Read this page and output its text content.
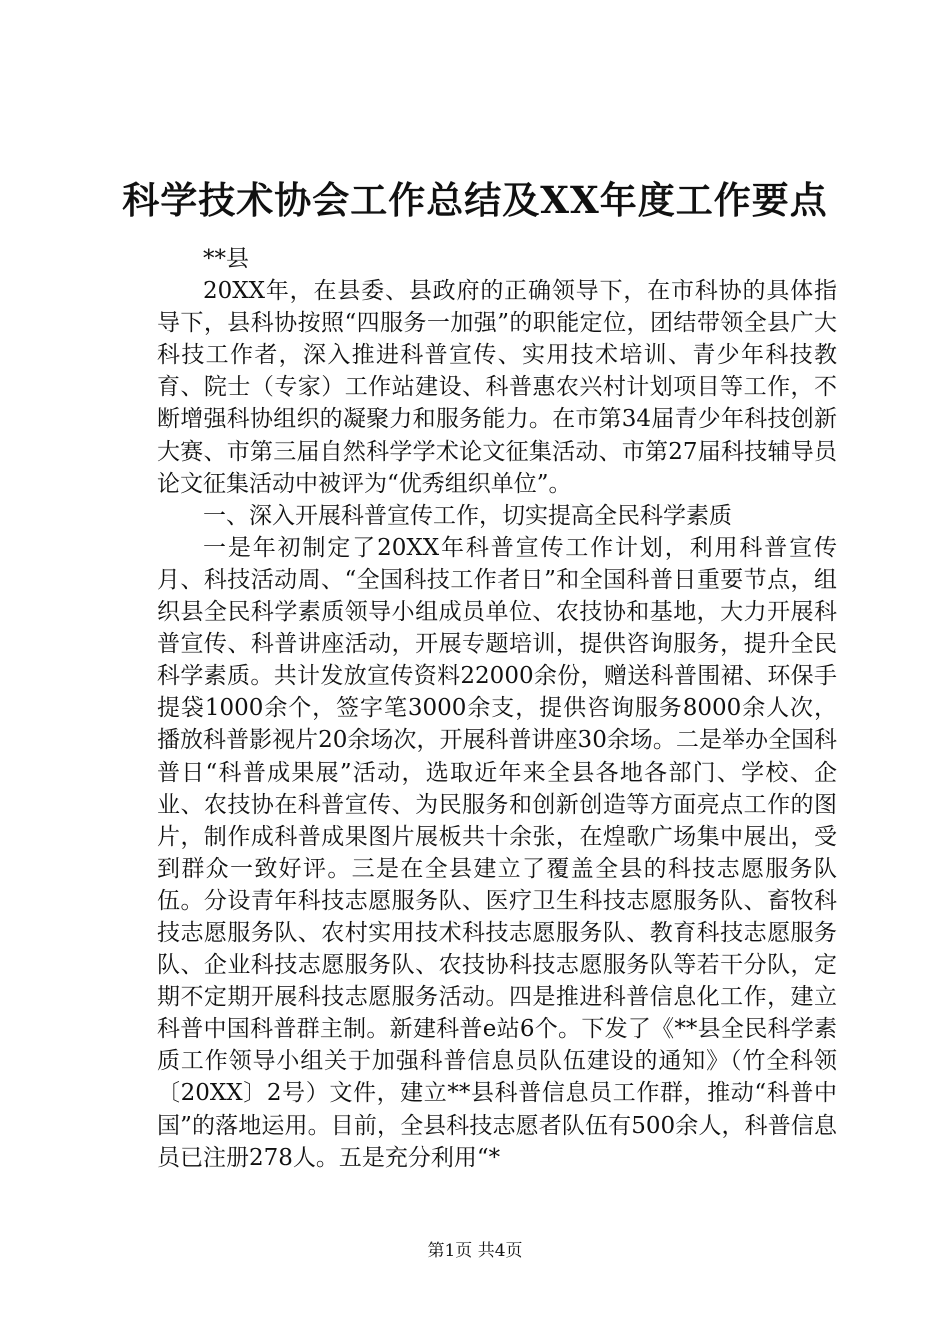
科学技术协会工作总结及XX年度工作要点

**县

20XX年，在县委、县政府的正确领导下，在市科协的具体指导下，县科协按照“四服务一加强”的职能定位，团结带领全县广大科技工作者，深入推进科普宣传、实用技术培训、青少年科技教育、院士（专家）工作站建设、科普惠农兴村计划项目等工作，不断增强科协组织的凝聚力和服务能力。在市第34届青少年科技创新大赛、市第三届自然科学学术论文征集活动、市第27届科技辅导员论文征集活动中被评为“优秀组织单位”。

一、深入开展科普宣传工作，切实提高全民科学素质

一是年初制定了20XX年科普宣传工作计划，利用科普宣传月、科技活动周、“全国科技工作者日”和全国科普日重要节点，组织县全民科学素质领导小组成员单位、农技协和基地，大力开展科普宣传、科普讲座活动，开展专题培训，提供咨询服务，提升全民科学素质。共计发放宣传资料22000余份，赠送科普围裙、环保手提袋1000余个，签字笔3000余支，提供咨询服务8000余人次，播放科普影视片20余场次，开展科普讲座30余场。二是举办全国科普日“科普成果展”活动，选取近年来全县各地各部门、学校、企业、农技协在科普宣传、为民服务和创新创造等方面亮点工作的图片，制作成科普成果图片展板共十余张，在煌歌广场集中展出，受到群众一致好评。三是在全县建立了覆盖全县的科技志愿服务队伍。分设青年科技志愿服务队、医疗卫生科技志愿服务队、畜牧科技志愿服务队、农村实用技术科技志愿服务队、教育科技志愿服务队、企业科技志愿服务队、农技协科技志愿服务队等若干分队，定期不定期开展科技志愿服务活动。四是推进科普信息化工作，建立科普中国科普群主制。新建科普e站6个。下发了《**县全民科学素质工作领导小组关于加强科普信息员队伍建设的通知》（竹全科领〔20XX〕2号）文件，建立**县科普信息员工作群，推动“科普中国”的落地运用。目前，全县科技志愿者队伍有500余人，科普信息员已注册278人。五是充分利用“*

第1页 共4页
